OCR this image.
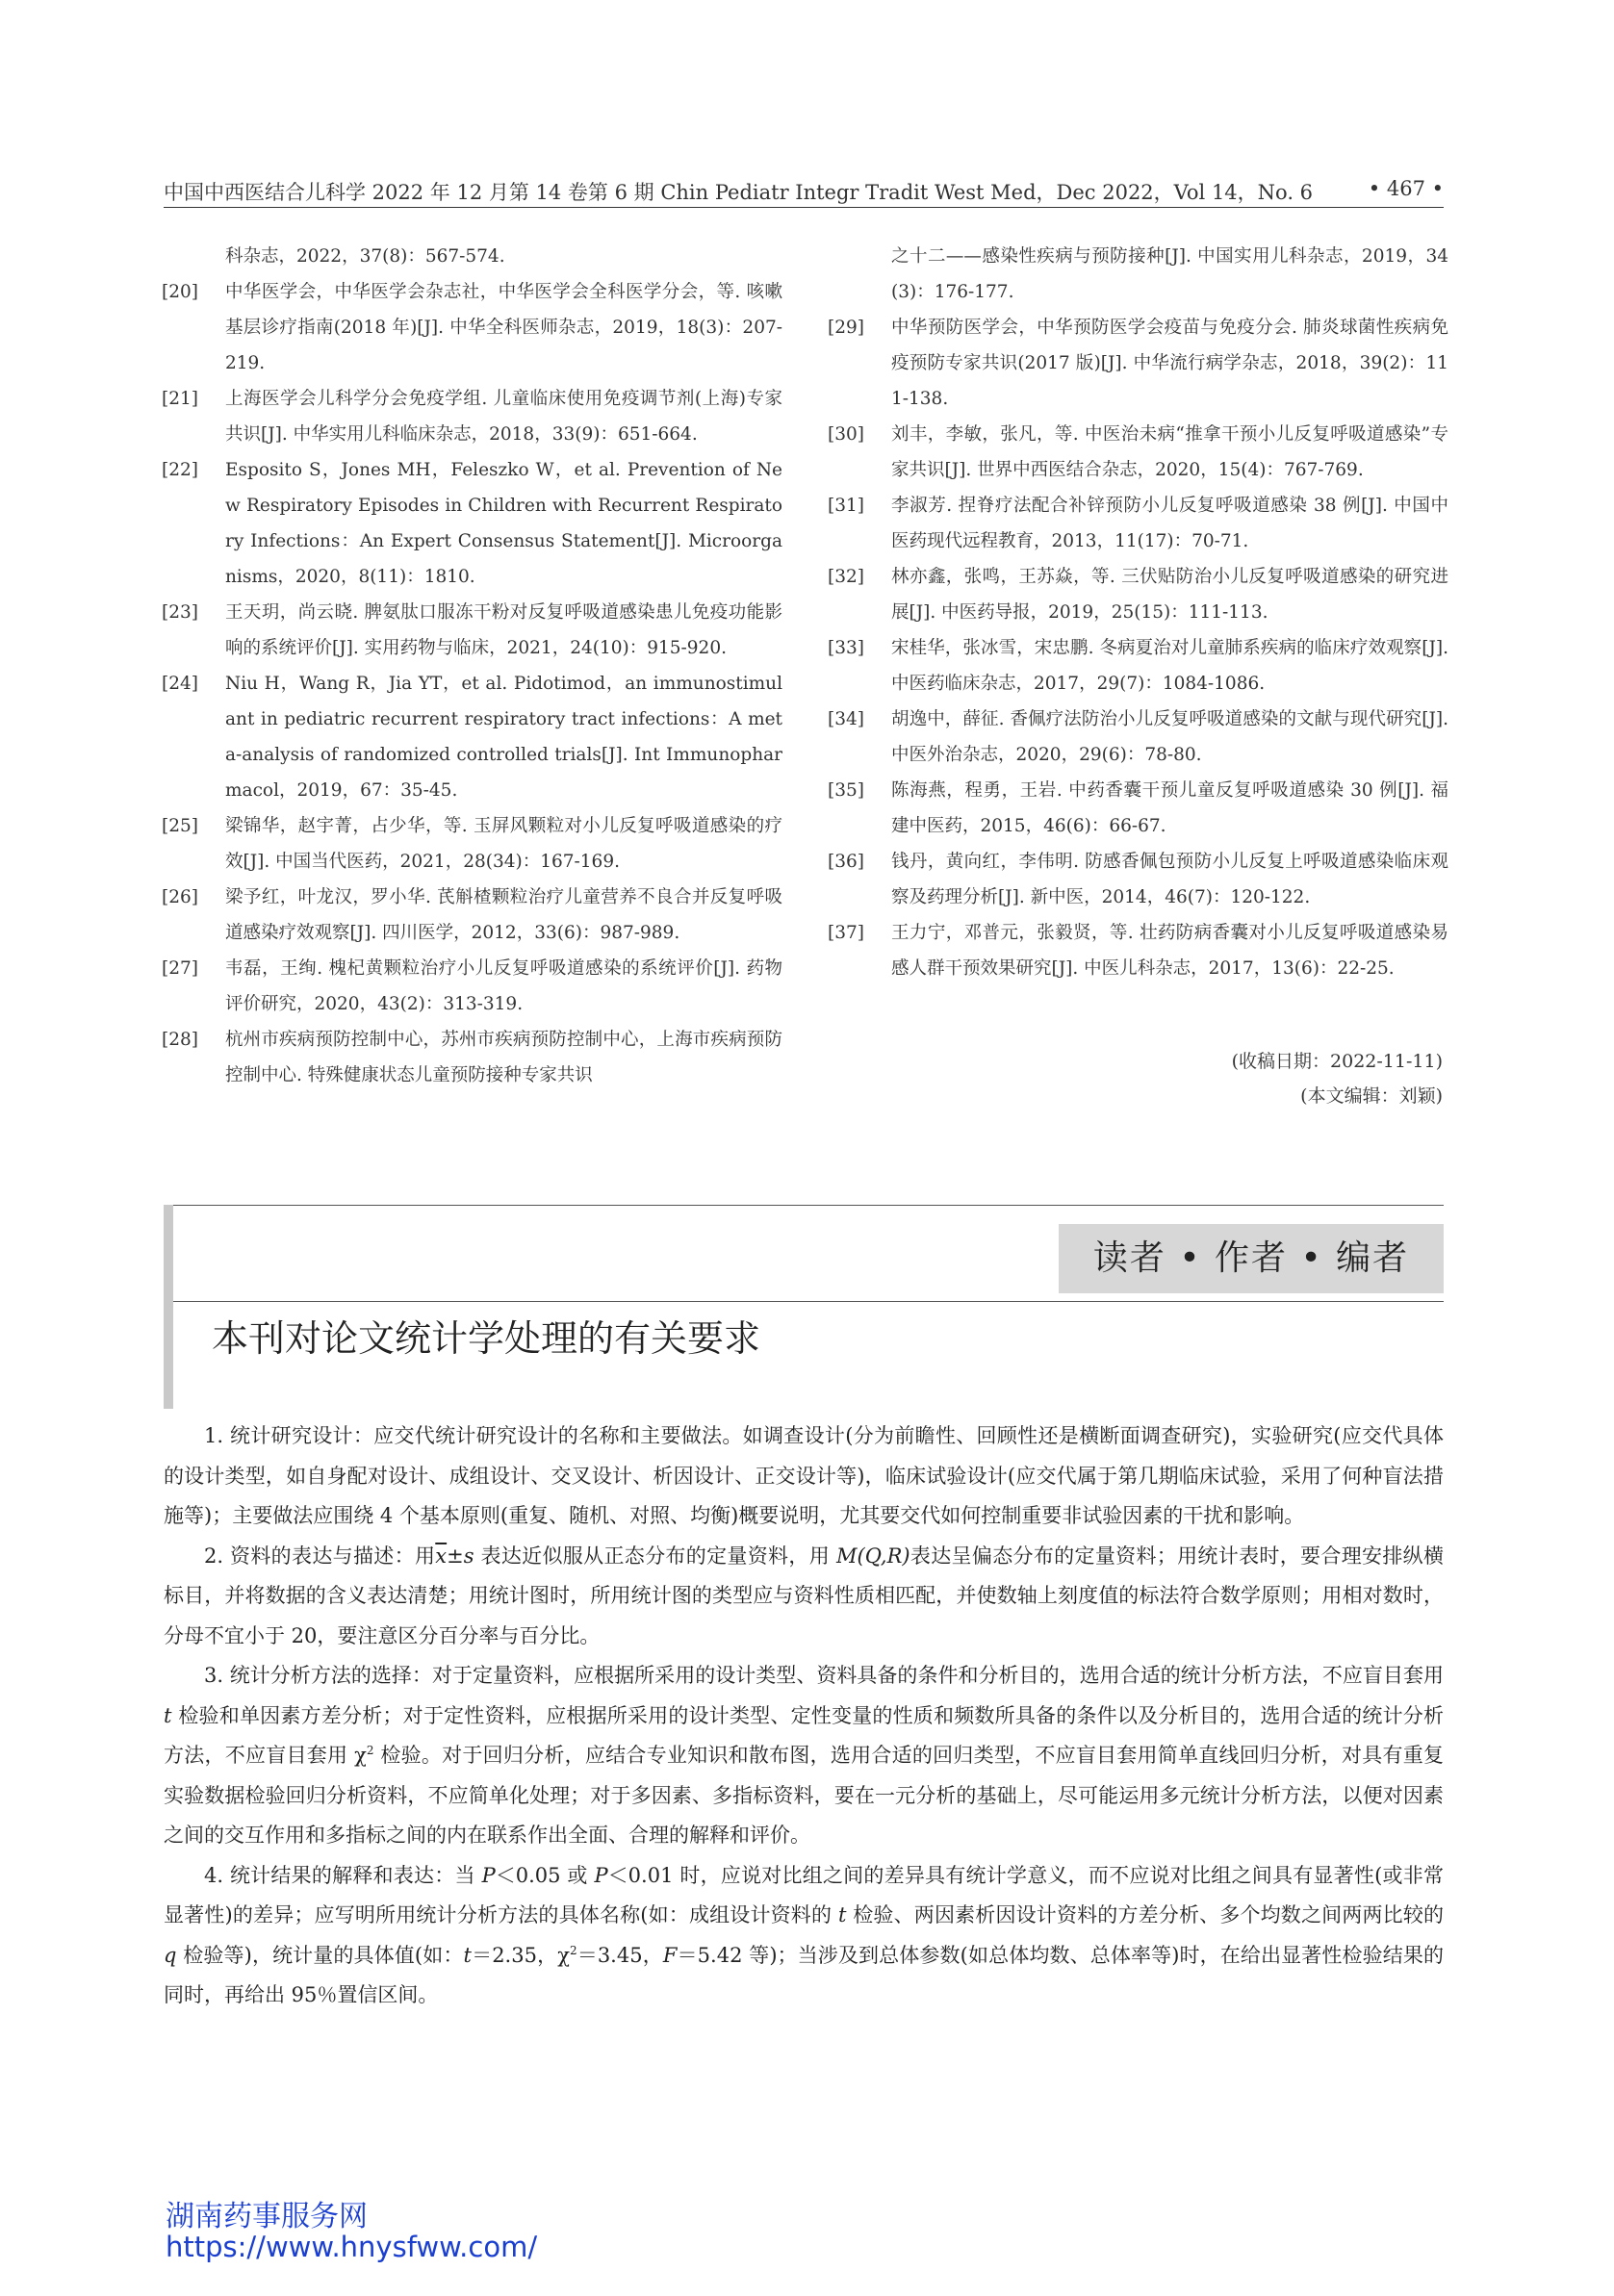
中国中西医结合儿科学 2022 年 12 月第 14 卷第 6 期 Chin Pediatr Integr Tradit West Med，Dec 2022，Vol 14，No. 6	• 467 •
科杂志，2022，37(8)：567-574.
[20] 中华医学会，中华医学会杂志社，中华医学会全科医学分会，等. 咳嗽基层诊疗指南(2018 年)[J]. 中华全科医师杂志，2019，18(3)：207-219.
[21] 上海医学会儿科学分会免疫学组. 儿童临床使用免疫调节剂(上海)专家共识[J]. 中华实用儿科临床杂志，2018，33(9)：651-664.
[22] Esposito S，Jones MH，Feleszko W，et al. Prevention of New Respiratory Episodes in Children with Recurrent Respiratory Infections：An Expert Consensus Statement[J]. Microorganisms，2020，8(11)：1810.
[23] 王天玥，尚云晓. 脾氨肽口服冻干粉对反复呼吸道感染患儿免疫功能影响的系统评价[J]. 实用药物与临床，2021，24(10)：915-920.
[24] Niu H，Wang R，Jia YT，et al. Pidotimod，an immunostimulant in pediatric recurrent respiratory tract infections：A meta-analysis of randomized controlled trials[J]. Int Immunopharmacol，2019，67：35-45.
[25] 梁锦华，赵宇菁，占少华，等. 玉屏风颗粒对小儿反复呼吸道感染的疗效[J]. 中国当代医药，2021，28(34)：167-169.
[26] 梁予红，叶龙汉，罗小华. 芪斛楂颗粒治疗儿童营养不良合并反复呼吸道感染疗效观察[J]. 四川医学，2012，33(6)：987-989.
[27] 韦磊，王绚. 槐杞黄颗粒治疗小儿反复呼吸道感染的系统评价[J]. 药物评价研究，2020，43(2)：313-319.
[28] 杭州市疾病预防控制中心，苏州市疾病预防控制中心，上海市疾病预防控制中心. 特殊健康状态儿童预防接种专家共识
之十二——感染性疾病与预防接种[J]. 中国实用儿科杂志，2019，34(3)：176-177.
[29] 中华预防医学会，中华预防医学会疫苗与免疫分会. 肺炎球菌性疾病免疫预防专家共识(2017 版)[J]. 中华流行病学杂志，2018，39(2)：111-138.
[30] 刘丰，李敏，张凡，等. 中医治未病“推拿干预小儿反复呼吸道感染”专家共识[J]. 世界中西医结合杂志，2020，15(4)：767-769.
[31] 李淑芳. 捏脊疗法配合补锌预防小儿反复呼吸道感染 38 例[J]. 中国中医药现代远程教育，2013，11(17)：70-71.
[32] 林亦鑫，张鸣，王苏焱，等. 三伏贴防治小儿反复呼吸道感染的研究进展[J]. 中医药导报，2019，25(15)：111-113.
[33] 宋桂华，张冰雪，宋忠鹏. 冬病夏治对儿童肺系疾病的临床疗效观察[J]. 中医药临床杂志，2017，29(7)：1084-1086.
[34] 胡逸中，薛征. 香佩疗法防治小儿反复呼吸道感染的文献与现代研究[J]. 中医外治杂志，2020，29(6)：78-80.
[35] 陈海燕，程勇，王岩. 中药香囊干预儿童反复呼吸道感染 30 例[J]. 福建中医药，2015，46(6)：66-67.
[36] 钱丹，黄向红，李伟明. 防感香佩包预防小儿反复上呼吸道感染临床观察及药理分析[J]. 新中医，2014，46(7)：120-122.
[37] 王力宁，邓普元，张毅贤，等. 壮药防病香囊对小儿反复呼吸道感染易感人群干预效果研究[J]. 中医儿科杂志，2017，13(6)：22-25.
(收稿日期：2022-11-11)
(本文编辑：刘颖)
读者 • 作者 • 编者
本刊对论文统计学处理的有关要求

1. 统计研究设计：应交代统计研究设计的名称和主要做法。如调查设计(分为前瞻性、回顾性还是横断面调查研究)，实验研究(应交代具体的设计类型，如自身配对设计、成组设计、交叉设计、析因设计、正交设计等)，临床试验设计(应交代属于第几期临床试验，采用了何种盲法措施等)；主要做法应围绕 4 个基本原则(重复、随机、对照、均衡)概要说明，尤其要交代如何控制重要非试验因素的干扰和影响。

2. 资料的表达与描述：用$\overline{x}\pm s$ 表达近似服从正态分布的定量资料，用 M(Q,R)表达呈偏态分布的定量资料；用统计表时，要合理安排纵横标目，并将数据的含义表达清楚；用统计图时，所用统计图的类型应与资料性质相匹配，并使数轴上刻度值的标法符合数学原则；用相对数时，分母不宜小于 20，要注意区分百分率与百分比。

3. 统计分析方法的选择：对于定量资料，应根据所采用的设计类型、资料具备的条件和分析目的，选用合适的统计分析方法，不应盲目套用 t 检验和单因素方差分析；对于定性资料，应根据所采用的设计类型、定性变量的性质和频数所具备的条件以及分析目的，选用合适的统计分析方法，不应盲目套用 $\chi^2$ 检验。对于回归分析，应结合专业知识和散布图，选用合适的回归类型，不应盲目套用简单直线回归分析，对具有重复实验数据检验回归分析资料，不应简单化处理；对于多因素、多指标资料，要在一元分析的基础上，尽可能运用多元统计分析方法，以便对因素之间的交互作用和多指标之间的内在联系作出全面、合理的解释和评价。

4. 统计结果的解释和表达：当 P＜0.05 或 P＜0.01 时，应说对比组之间的差异具有统计学意义，而不应说对比组之间具有显著性(或非常显著性)的差异；应写明所用统计分析方法的具体名称(如：成组设计资料的 t 检验、两因素析因设计资料的方差分析、多个均数之间两两比较的 q 检验等)，统计量的具体值(如：t＝2.35，$\chi^2=3.45$，F＝5.42 等)；当涉及到总体参数(如总体均数、总体率等)时，在给出显著性检验结果的同时，再给出 95％置信区间。

湖南药事服务网
https://www.hnysfww.com/
